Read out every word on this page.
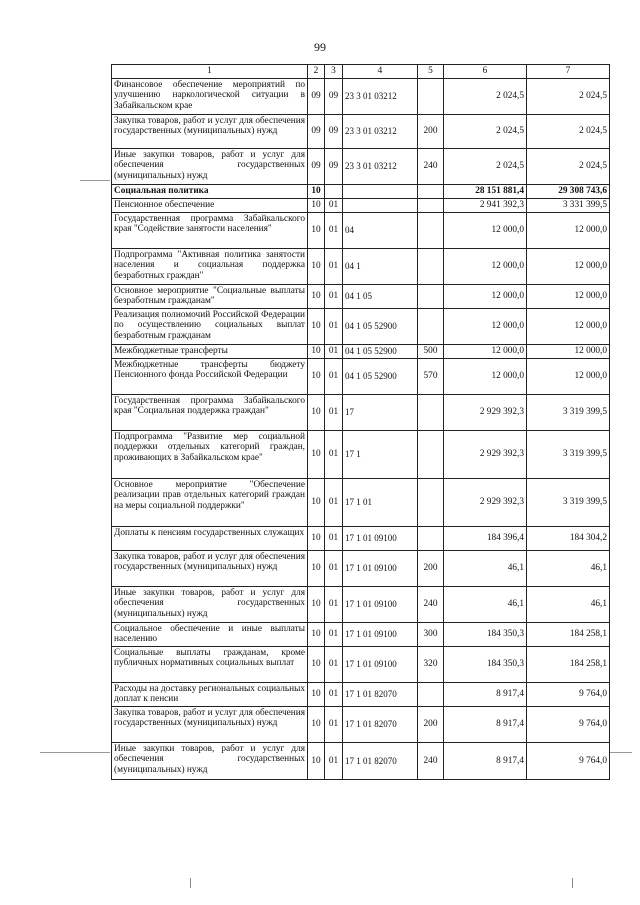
99
1	2	3	4	5	6	7
Финансовое обеспечение мероприятий по улучшению наркологической ситуации в Забайкальском крае	09	09	23 3 01 03212		2 024,5	2 024,5
Закупка товаров, работ и услуг для обеспечения государственных (муниципальных) нужд	09	09	23 3 01 03212	200	2 024,5	2 024,5
Иные закупки товаров, работ и услуг для обеспечения государственных (муниципальных) нужд	09	09	23 3 01 03212	240	2 024,5	2 024,5
Социальная политика	10				28 151 881,4	29 308 743,6
Пенсионное обеспечение	10	01			2 941 392,3	3 331 399,5
Государственная программа Забайкальского края "Содействие занятости населения"	10	01	04		12 000,0	12 000,0
Подпрограмма "Активная политика занятости населения и социальная поддержка безработных граждан"	10	01	04 1		12 000,0	12 000,0
Основное мероприятие "Социальные выплаты безработным гражданам"	10	01	04 1 05		12 000,0	12 000,0
Реализация полномочий Российской Федерации по осуществлению социальных выплат безработным гражданам	10	01	04 1 05 52900		12 000,0	12 000,0
Межбюджетные трансферты	10	01	04 1 05 52900	500	12 000,0	12 000,0
Межбюджетные трансферты бюджету Пенсионного фонда Российской Федерации	10	01	04 1 05 52900	570	12 000,0	12 000,0
Государственная программа Забайкальского края "Социальная поддержка граждан"	10	01	17		2 929 392,3	3 319 399,5
Подпрограмма "Развитие мер социальной поддержки отдельных категорий граждан, проживающих в Забайкальском крае"	10	01	17 1		2 929 392,3	3 319 399,5
Основное мероприятие "Обеспечение реализации прав отдельных категорий граждан на меры социальной поддержки"	10	01	17 1 01		2 929 392,3	3 319 399,5
Доплаты к пенсиям государственных служащих	10	01	17 1 01 09100		184 396,4	184 304,2
Закупка товаров, работ и услуг для обеспечения государственных (муниципальных) нужд	10	01	17 1 01 09100	200	46,1	46,1
Иные закупки товаров, работ и услуг для обеспечения государственных (муниципальных) нужд	10	01	17 1 01 09100	240	46,1	46,1
Социальное обеспечение и иные выплаты населению	10	01	17 1 01 09100	300	184 350,3	184 258,1
Социальные выплаты гражданам, кроме публичных нормативных социальных выплат	10	01	17 1 01 09100	320	184 350,3	184 258,1
Расходы на доставку региональных социальных доплат к пенсии	10	01	17 1 01 82070		8 917,4	9 764,0
Закупка товаров, работ и услуг для обеспечения государственных (муниципальных) нужд	10	01	17 1 01 82070	200	8 917,4	9 764,0
Иные закупки товаров, работ и услуг для обеспечения государственных (муниципальных) нужд	10	01	17 1 01 82070	240	8 917,4	9 764,0
